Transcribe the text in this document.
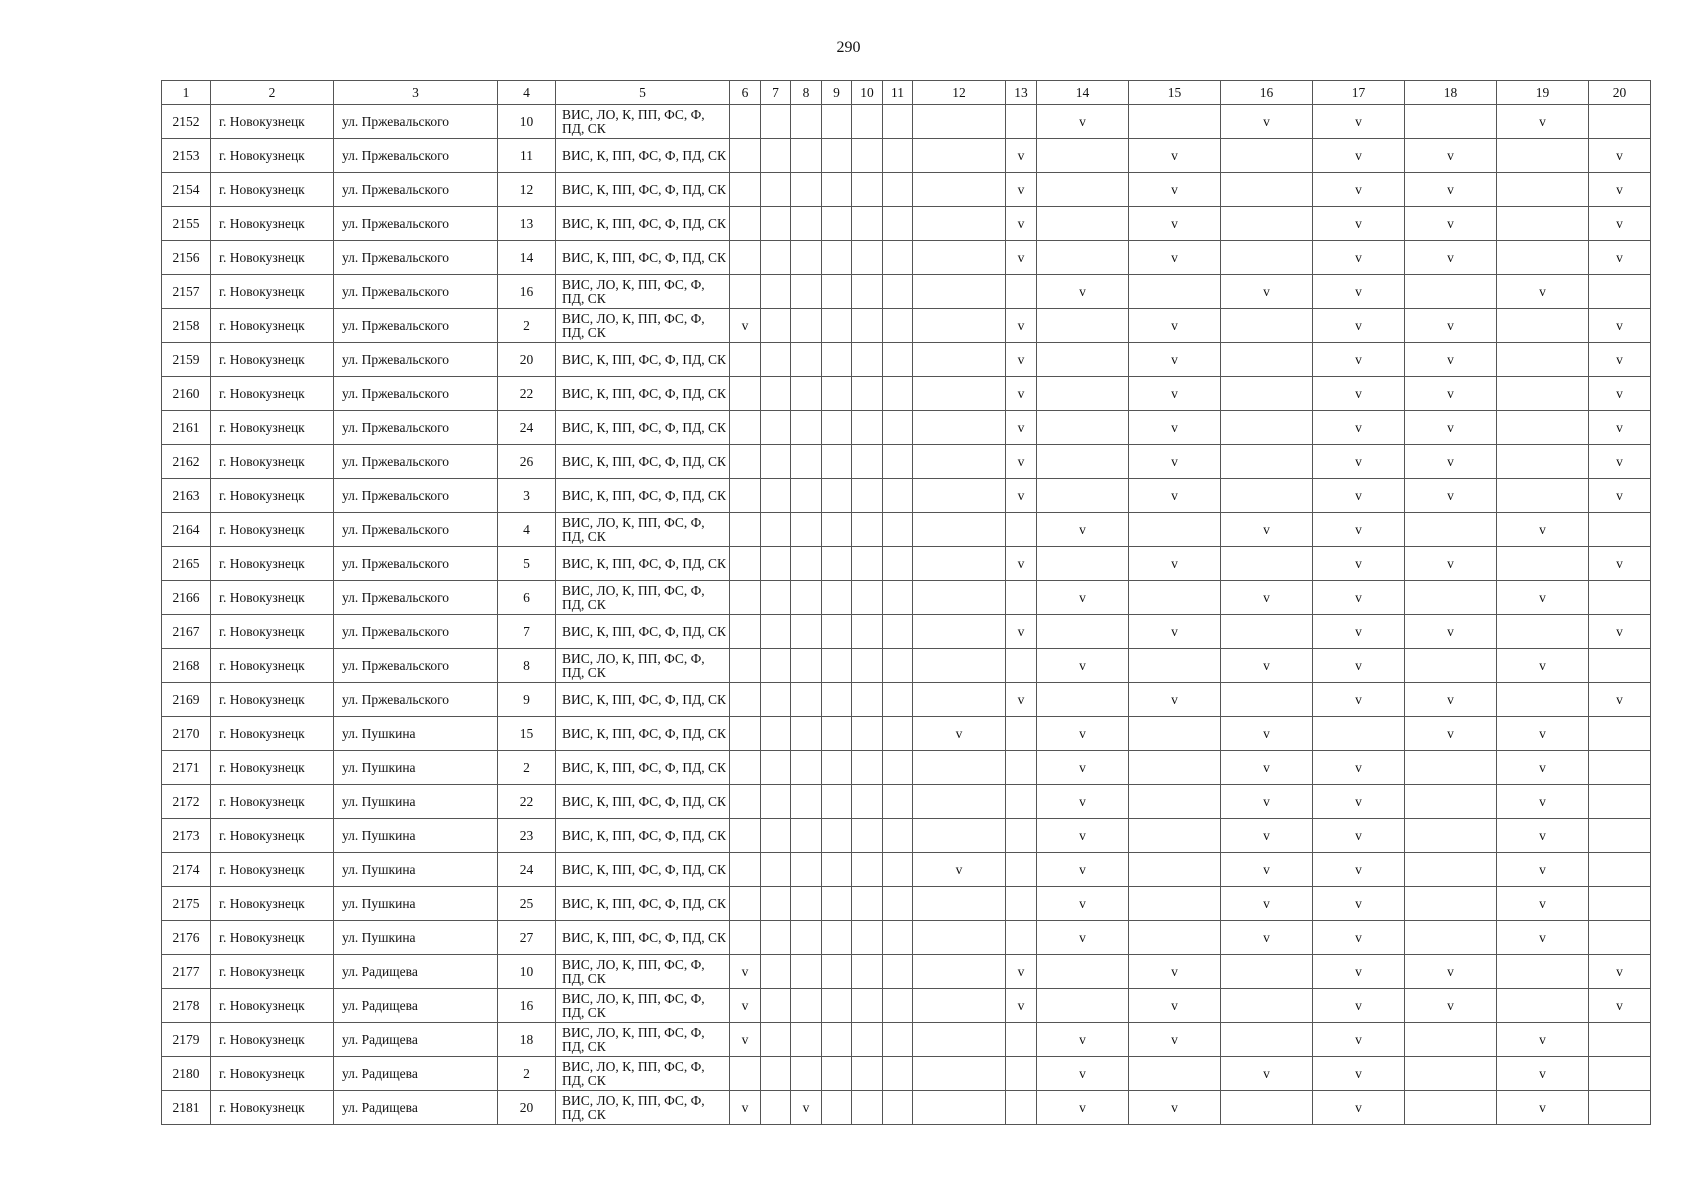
290
1	2	3	4	5	6	7	8	9	10	11	12	13	14	15	16	17	18	19	20
2152	г. Новокузнецк	ул. Пржевальского	10	ВИС, ЛО, К, ПП, ФС, Ф, ПД, СК									v		v	v		v	
2153	г. Новокузнецк	ул. Пржевальского	11	ВИС, К, ПП, ФС, Ф, ПД, СК								v		v		v	v		v
2154	г. Новокузнецк	ул. Пржевальского	12	ВИС, К, ПП, ФС, Ф, ПД, СК								v		v		v	v		v
2155	г. Новокузнецк	ул. Пржевальского	13	ВИС, К, ПП, ФС, Ф, ПД, СК								v		v		v	v		v
2156	г. Новокузнецк	ул. Пржевальского	14	ВИС, К, ПП, ФС, Ф, ПД, СК								v		v		v	v		v
2157	г. Новокузнецк	ул. Пржевальского	16	ВИС, ЛО, К, ПП, ФС, Ф, ПД, СК									v		v	v		v	
2158	г. Новокузнецк	ул. Пржевальского	2	ВИС, ЛО, К, ПП, ФС, Ф, ПД, СК	v							v		v		v	v		v
2159	г. Новокузнецк	ул. Пржевальского	20	ВИС, К, ПП, ФС, Ф, ПД, СК								v		v		v	v		v
2160	г. Новокузнецк	ул. Пржевальского	22	ВИС, К, ПП, ФС, Ф, ПД, СК								v		v		v	v		v
2161	г. Новокузнецк	ул. Пржевальского	24	ВИС, К, ПП, ФС, Ф, ПД, СК								v		v		v	v		v
2162	г. Новокузнецк	ул. Пржевальского	26	ВИС, К, ПП, ФС, Ф, ПД, СК								v		v		v	v		v
2163	г. Новокузнецк	ул. Пржевальского	3	ВИС, К, ПП, ФС, Ф, ПД, СК								v		v		v	v		v
2164	г. Новокузнецк	ул. Пржевальского	4	ВИС, ЛО, К, ПП, ФС, Ф, ПД, СК									v		v	v		v	
2165	г. Новокузнецк	ул. Пржевальского	5	ВИС, К, ПП, ФС, Ф, ПД, СК								v		v		v	v		v
2166	г. Новокузнецк	ул. Пржевальского	6	ВИС, ЛО, К, ПП, ФС, Ф, ПД, СК									v		v	v		v	
2167	г. Новокузнецк	ул. Пржевальского	7	ВИС, К, ПП, ФС, Ф, ПД, СК								v		v		v	v		v
2168	г. Новокузнецк	ул. Пржевальского	8	ВИС, ЛО, К, ПП, ФС, Ф, ПД, СК									v		v	v		v	
2169	г. Новокузнецк	ул. Пржевальского	9	ВИС, К, ПП, ФС, Ф, ПД, СК								v		v		v	v		v
2170	г. Новокузнецк	ул. Пушкина	15	ВИС, К, ПП, ФС, Ф, ПД, СК							v		v		v		v	v	
2171	г. Новокузнецк	ул. Пушкина	2	ВИС, К, ПП, ФС, Ф, ПД, СК									v		v	v		v	
2172	г. Новокузнецк	ул. Пушкина	22	ВИС, К, ПП, ФС, Ф, ПД, СК									v		v	v		v	
2173	г. Новокузнецк	ул. Пушкина	23	ВИС, К, ПП, ФС, Ф, ПД, СК									v		v	v		v	
2174	г. Новокузнецк	ул. Пушкина	24	ВИС, К, ПП, ФС, Ф, ПД, СК							v		v		v	v		v	
2175	г. Новокузнецк	ул. Пушкина	25	ВИС, К, ПП, ФС, Ф, ПД, СК									v		v	v		v	
2176	г. Новокузнецк	ул. Пушкина	27	ВИС, К, ПП, ФС, Ф, ПД, СК									v		v	v		v	
2177	г. Новокузнецк	ул. Радищева	10	ВИС, ЛО, К, ПП, ФС, Ф, ПД, СК	v							v		v		v	v		v
2178	г. Новокузнецк	ул. Радищева	16	ВИС, ЛО, К, ПП, ФС, Ф, ПД, СК	v							v		v		v	v		v
2179	г. Новокузнецк	ул. Радищева	18	ВИС, ЛО, К, ПП, ФС, Ф, ПД, СК	v								v	v		v		v	
2180	г. Новокузнецк	ул. Радищева	2	ВИС, ЛО, К, ПП, ФС, Ф, ПД, СК									v		v	v		v	
2181	г. Новокузнецк	ул. Радищева	20	ВИС, ЛО, К, ПП, ФС, Ф, ПД, СК	v		v						v	v		v		v	
